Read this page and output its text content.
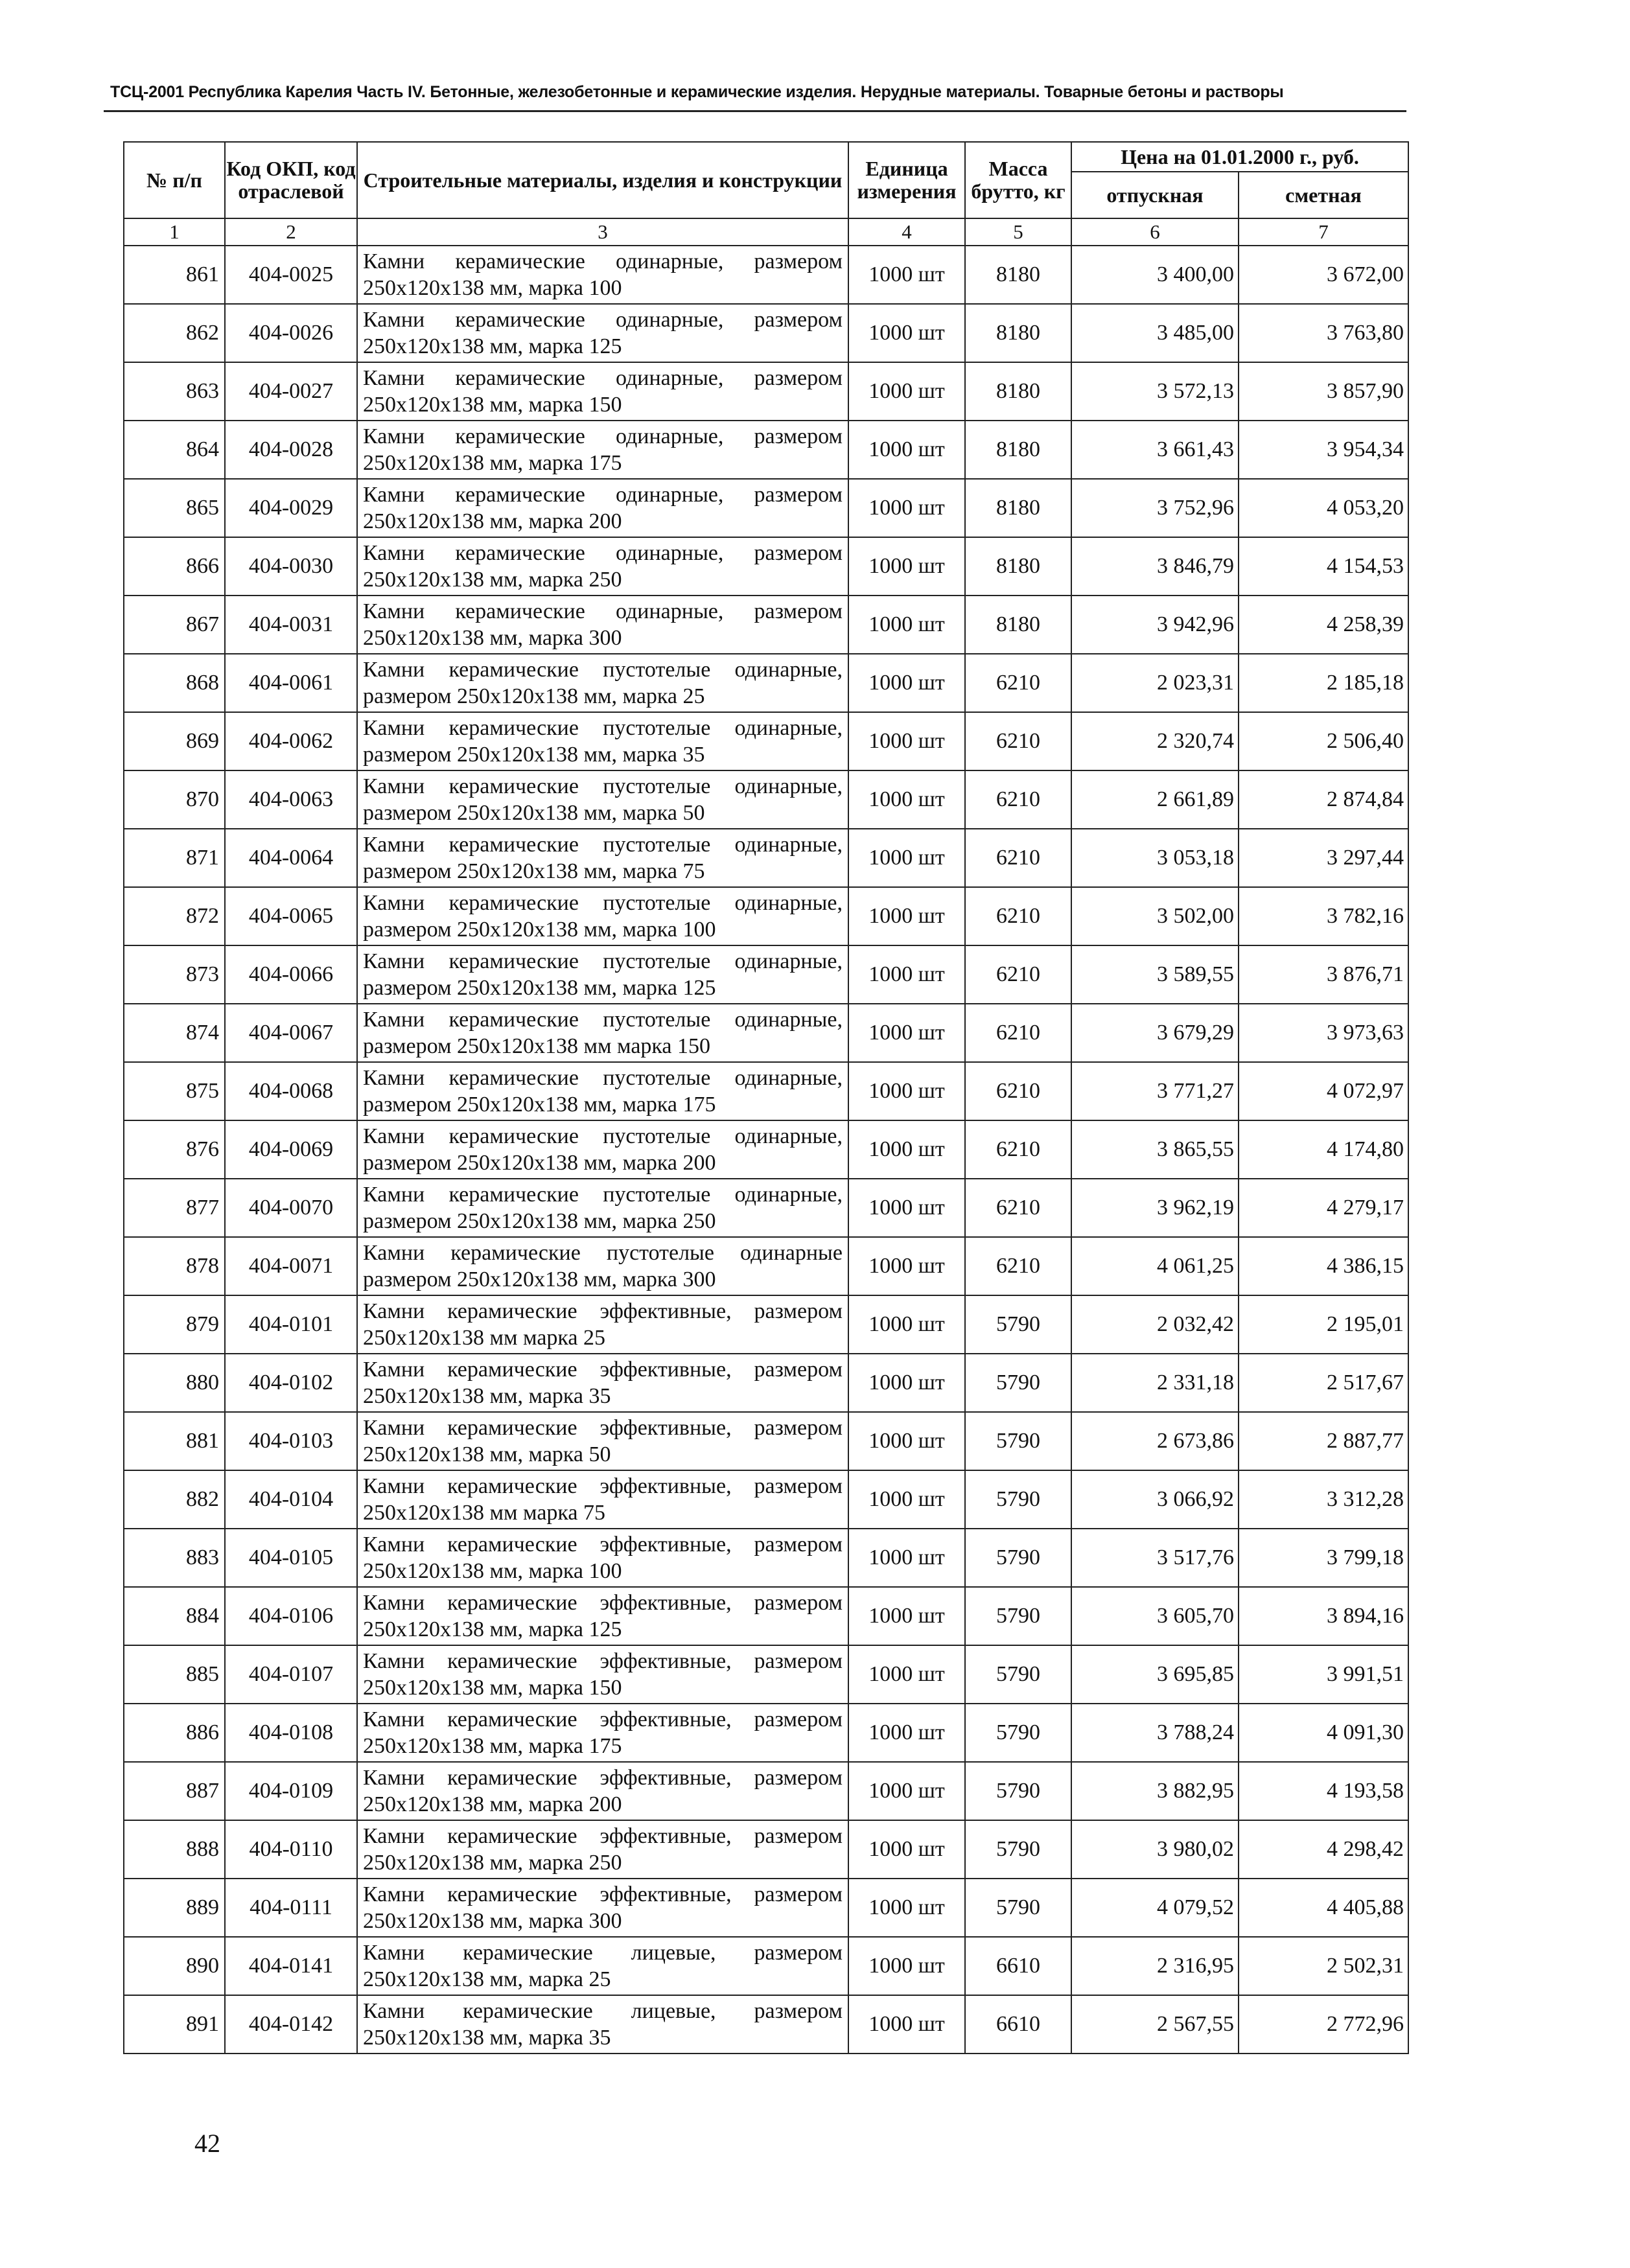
ТСЦ-2001 Республика Карелия Часть IV. Бетонные, железобетонные и керамические изделия. Нерудные материалы. Товарные бетоны и растворы
№ п/п	Код ОКП, код отраслевой	Строительные материалы, изделия и конструкции	Единица измерения	Масса брутто, кг	Цена на 01.01.2000 г., руб.	
					отпускная	сметная
1	2	3	4	5	6	7
861	404-0025	Камни керамические одинарные, размером 250х120х138 мм, марка 100	1000 шт	8180	3 400,00	3 672,00
862	404-0026	Камни керамические одинарные, размером 250х120х138 мм, марка 125	1000 шт	8180	3 485,00	3 763,80
863	404-0027	Камни керамические одинарные, размером 250х120х138 мм, марка 150	1000 шт	8180	3 572,13	3 857,90
864	404-0028	Камни керамические одинарные, размером 250х120х138 мм, марка 175	1000 шт	8180	3 661,43	3 954,34
865	404-0029	Камни керамические одинарные, размером 250х120х138 мм, марка 200	1000 шт	8180	3 752,96	4 053,20
866	404-0030	Камни керамические одинарные, размером 250х120х138 мм, марка 250	1000 шт	8180	3 846,79	4 154,53
867	404-0031	Камни керамические одинарные, размером 250х120х138 мм, марка 300	1000 шт	8180	3 942,96	4 258,39
868	404-0061	Камни керамические пустотелые одинарные, размером 250х120х138 мм, марка 25	1000 шт	6210	2 023,31	2 185,18
869	404-0062	Камни керамические пустотелые одинарные, размером 250х120х138 мм, марка 35	1000 шт	6210	2 320,74	2 506,40
870	404-0063	Камни керамические пустотелые одинарные, размером 250х120х138 мм, марка 50	1000 шт	6210	2 661,89	2 874,84
871	404-0064	Камни керамические пустотелые одинарные, размером 250х120х138 мм, марка 75	1000 шт	6210	3 053,18	3 297,44
872	404-0065	Камни керамические пустотелые одинарные, размером 250х120х138 мм, марка 100	1000 шт	6210	3 502,00	3 782,16
873	404-0066	Камни керамические пустотелые одинарные, размером 250х120х138 мм, марка 125	1000 шт	6210	3 589,55	3 876,71
874	404-0067	Камни керамические пустотелые одинарные, размером 250х120х138 мм марка 150	1000 шт	6210	3 679,29	3 973,63
875	404-0068	Камни керамические пустотелые одинарные, размером 250х120х138 мм, марка 175	1000 шт	6210	3 771,27	4 072,97
876	404-0069	Камни керамические пустотелые одинарные, размером 250х120х138 мм, марка 200	1000 шт	6210	3 865,55	4 174,80
877	404-0070	Камни керамические пустотелые одинарные, размером 250х120х138 мм, марка 250	1000 шт	6210	3 962,19	4 279,17
878	404-0071	Камни керамические пустотелые одинарные размером 250х120х138 мм, марка 300	1000 шт	6210	4 061,25	4 386,15
879	404-0101	Камни керамические эффективные, размером 250х120х138 мм марка 25	1000 шт	5790	2 032,42	2 195,01
880	404-0102	Камни керамические эффективные, размером 250х120х138 мм, марка 35	1000 шт	5790	2 331,18	2 517,67
881	404-0103	Камни керамические эффективные, размером 250х120х138 мм, марка 50	1000 шт	5790	2 673,86	2 887,77
882	404-0104	Камни керамические эффективные, размером 250х120х138 мм марка 75	1000 шт	5790	3 066,92	3 312,28
883	404-0105	Камни керамические эффективные, размером 250х120х138 мм, марка 100	1000 шт	5790	3 517,76	3 799,18
884	404-0106	Камни керамические эффективные, размером 250х120х138 мм, марка 125	1000 шт	5790	3 605,70	3 894,16
885	404-0107	Камни керамические эффективные, размером 250х120х138 мм, марка 150	1000 шт	5790	3 695,85	3 991,51
886	404-0108	Камни керамические эффективные, размером 250х120х138 мм, марка 175	1000 шт	5790	3 788,24	4 091,30
887	404-0109	Камни керамические эффективные, размером 250х120х138 мм, марка 200	1000 шт	5790	3 882,95	4 193,58
888	404-0110	Камни керамические эффективные, размером 250х120х138 мм, марка 250	1000 шт	5790	3 980,02	4 298,42
889	404-0111	Камни керамические эффективные, размером 250х120х138 мм, марка 300	1000 шт	5790	4 079,52	4 405,88
890	404-0141	Камни керамические лицевые, размером 250х120х138 мм, марка 25	1000 шт	6610	2 316,95	2 502,31
891	404-0142	Камни керамические лицевые, размером 250х120х138 мм, марка 35	1000 шт	6610	2 567,55	2 772,96
42
